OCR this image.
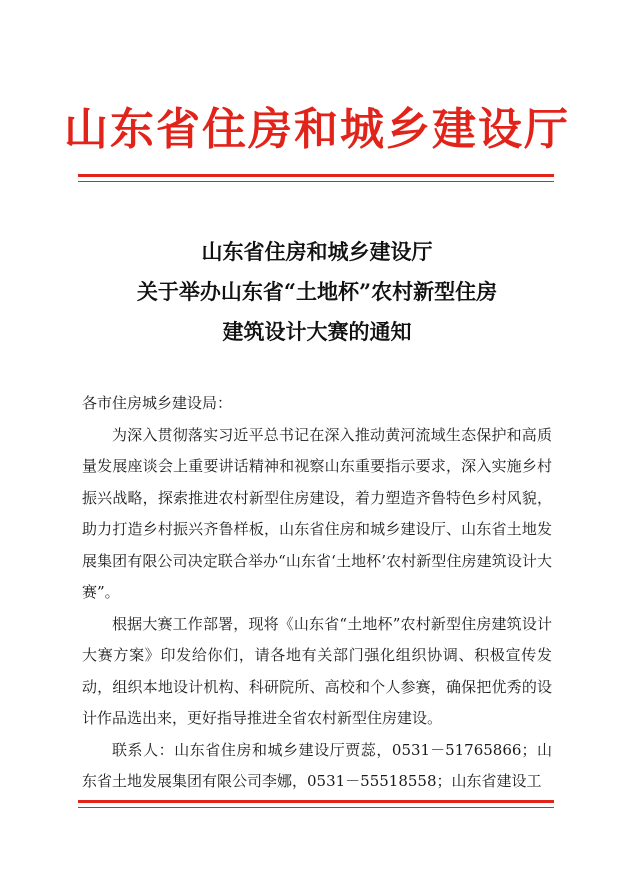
山东省住房和城乡建设厅
山东省住房和城乡建设厅
关于举办山东省“土地杯”农村新型住房
建筑设计大赛的通知
各市住房城乡建设局：
为深入贯彻落实习近平总书记在深入推动黄河流域生态保护和高质量发展座谈会上重要讲话精神和视察山东重要指示要求，深入实施乡村振兴战略，探索推进农村新型住房建设，着力塑造齐鲁特色乡村风貌，助力打造乡村振兴齐鲁样板，山东省住房和城乡建设厅、山东省土地发展集团有限公司决定联合举办“山东省‘土地杯’农村新型住房建筑设计大赛”。
根据大赛工作部署，现将《山东省“土地杯”农村新型住房建筑设计大赛方案》印发给你们，请各地有关部门强化组织协调、积极宣传发动，组织本地设计机构、科研院所、高校和个人参赛，确保把优秀的设计作品选出来，更好指导推进全省农村新型住房建设。
联系人：山东省住房和城乡建设厅贾蕊，0531－51765866；山东省土地发展集团有限公司李娜，0531－55518558；山东省建设工
